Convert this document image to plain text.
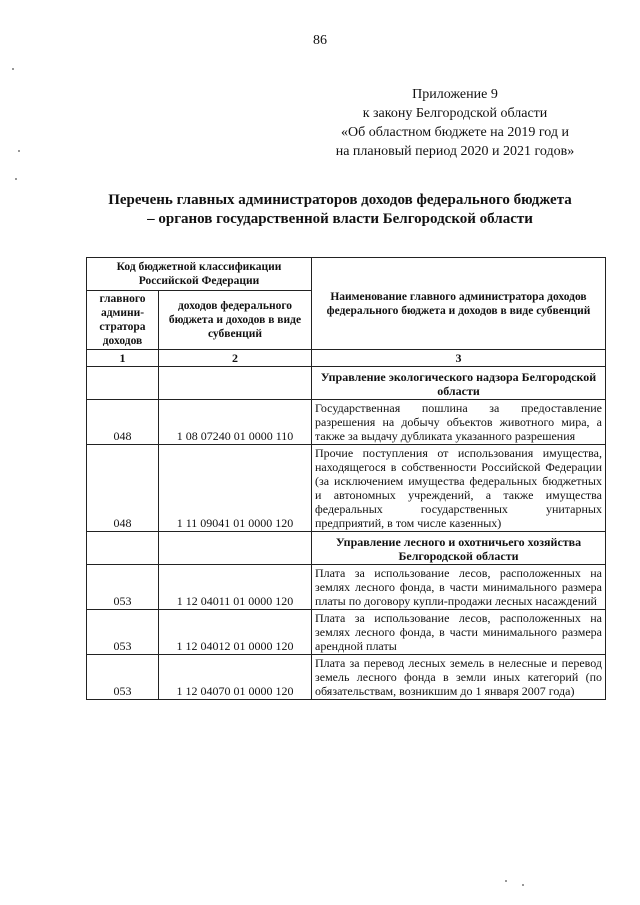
86
Приложение 9
к закону Белгородской области
«Об областном бюджете на 2019 год и
на плановый период 2020 и 2021 годов»
Перечень главных администраторов доходов федерального бюджета
– органов государственной власти Белгородской области
Код бюджетной классификации Российской Федерации		Наименование главного администратора доходов федерального бюджета и доходов в виде субвенций
главного админи-стратора доходов	доходов федерального бюджета и доходов в виде субвенций	
1	2	3
		Управление экологического надзора Белгородской области
048	1 08 07240 01 0000 110	Государственная пошлина за предоставление разрешения на добычу объектов животного мира, а также за выдачу дубликата указанного разрешения
048	1 11 09041 01 0000 120	Прочие поступления от использования имущества, находящегося в собственности Российской Федерации (за исключением имущества федеральных бюджетных и автономных учреждений, а также имущества федеральных государственных унитарных предприятий, в том числе казенных)
		Управление лесного и охотничьего хозяйства Белгородской области
053	1 12 04011 01 0000 120	Плата за использование лесов, расположенных на землях лесного фонда, в части минимального размера платы по договору купли-продажи лесных насаждений
053	1 12 04012 01 0000 120	Плата за использование лесов, расположенных на землях лесного фонда, в части минимального размера арендной платы
053	1 12 04070 01 0000 120	Плата за перевод лесных земель в нелесные и перевод земель лесного фонда в земли иных категорий (по обязательствам, возникшим до 1 января 2007 года)
